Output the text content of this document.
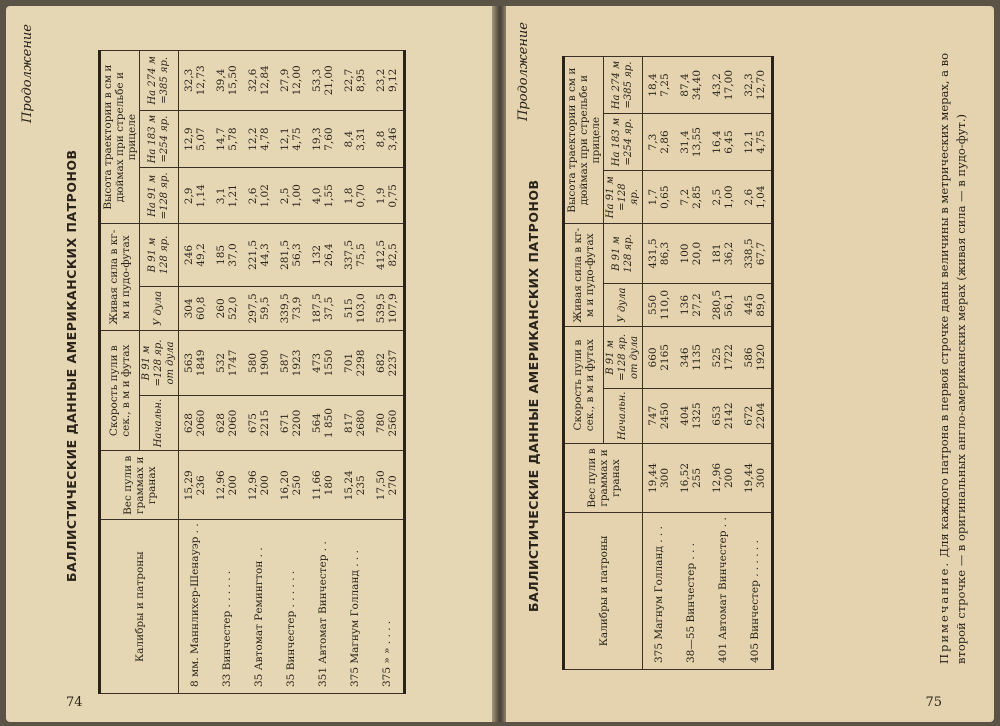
Продолжение
БАЛЛИСТИЧЕСКИЕ ДАННЫЕ АМЕРИКАНСКИХ ПАТРОНОВ
Калибры и патроны	Вес пули в граммах и гранах	Скорость пули в сек., в м и футах		Живая сила в кг-м и пудо-футах		Высота траектории в см и дюймах при стрельбе и прицеле		
		Начальн.	В 91 м =128 яр. от дула	У дула	В 91 м 128 яр.	На 91 м =128 яр.	На 183 м =254 яр.	На 274 м =385 яр.
8 мм. Маннлихер-Шенауэр . .	15,29 236	628 2060	563 1849	304 60,8	246 49,2	2,9 1,14	12,9 5,07	32,3 12,73

33 Винчестер . . . . . .	12,96 200	628 2060	532 1747	260 52,0	185 37,0	3,1 1,21	14,7 5,78	39,4 15,50

35 Автомат Ремингтон . .	12,96 200	675 2215	580 1900	297,5 59,5	221,5 44,3	2,6 1,02	12,2 4,78	32,6 12,84

35 Винчестер . . . . . .	16,20 250	671 2200	587 1923	339,5 73,9	281,5 56,3	2,5 1,00	12,1 4,75	27,9 12,00

351 Автомат Винчестер . .	11,66 180	564 1 850	473 1550	187,5 37,5	132 26,4	4,0 1,55	19,3 7,60	53,3 21,00

375 Магнум Голланд . . .	15,24 235	817 2680	701 2298	515 103,0	337,5 75,5	1,8 0,70	8,4 3,31	22,7 8,95

375 » » . . . .	17,50 270	780 2560	682 2237	539,5 107,9	412,5 82,5	1,9 0,75	8,8 3,46	23,2 9,12
74
Продолжение
БАЛЛИСТИЧЕСКИЕ ДАННЫЕ АМЕРИКАНСКИХ ПАТРОНОВ	Калибры и патроны	Вес пули в граммах и гранах	Скорость пули в сек., в м и футах		Живая сила в кг-м и пудо-футах		Высота траектории в см и дюймах при стрельбе и прицеле		
		Начальн.	В 91 м =128 яр. от дула	У дула	В 91 м 128 яр.	На 91 м =128 яр.	На 183 м =254 яр.	На 274 м =385 яр.
375 Магнум Голланд . . .	19,44 300	747 2450	660 2165	550 110,0	431,5 86,3	1,7 0,65	7,3 2,86	18,4 7,25

38—55 Винчестер . . .	16,52 255	404 1325	346 1135	136 27,2	100 20,0	7,2 2,85	31,4 13,55	87,4 34,40

401 Автомат Винчестер . .	12,96 200	653 2142	525 1722	280,5 56,1	181 36,2	2,5 1,00	16,4 6,45	43,2 17,00

405 Винчестер . . . . . .	19,44 300	672 2204	586 1920	445 89,0	338,5 67,7	2,6 1,04	12,1 4,75	32,3 12,70
Примечание. Для каждого патрона в первой строчке даны величины в метрических мерах, а во второй строчке — в оригинальных англо-американских мерах (живая сила — в пудо-фут.)
75
